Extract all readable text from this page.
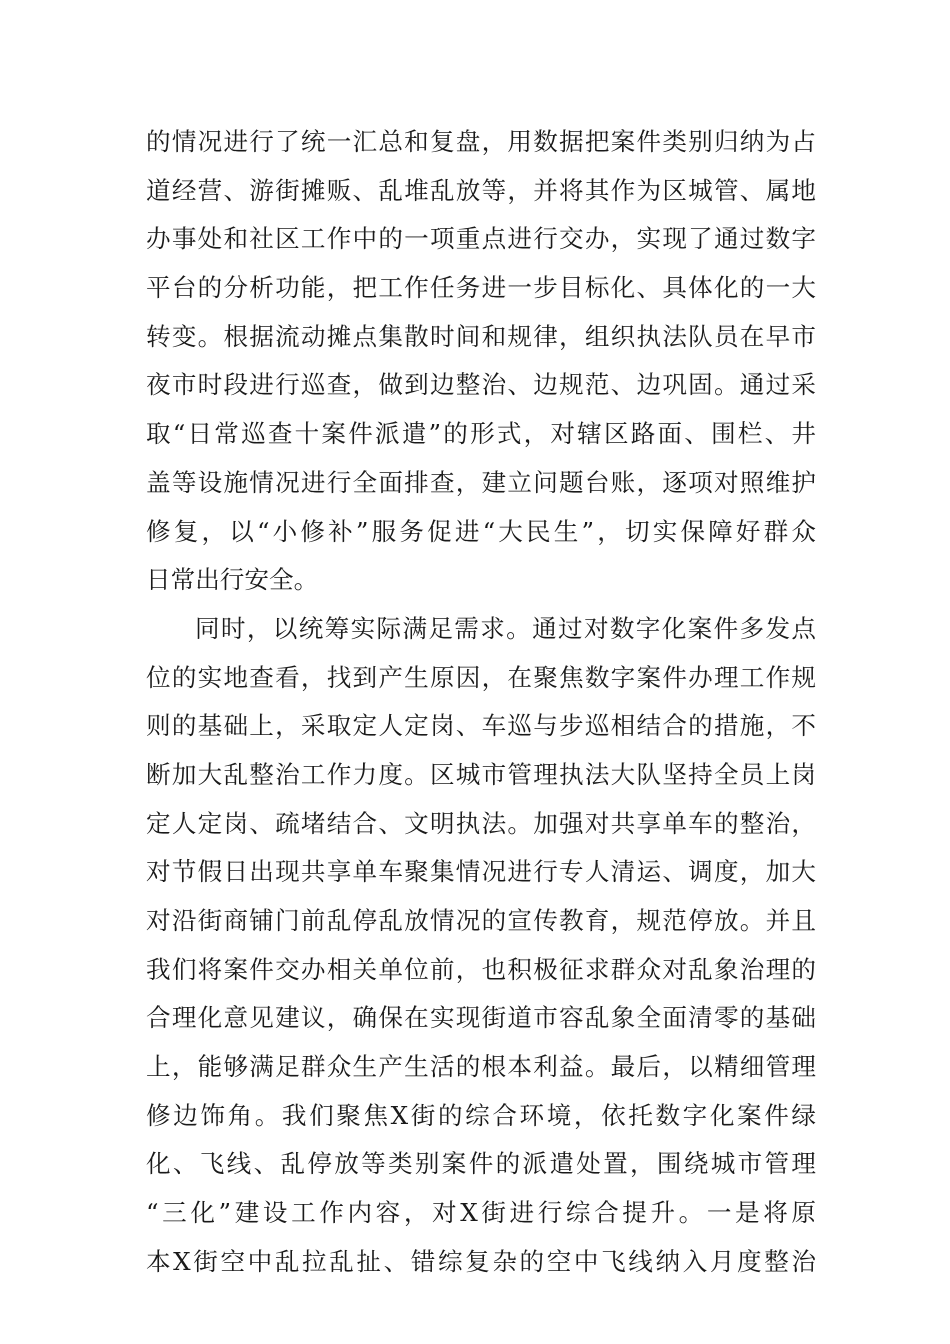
的情况进行了统一汇总和复盘，用数据把案件类别归纳为占
道经营、游街摊贩、乱堆乱放等，并将其作为区城管、属地
办事处和社区工作中的一项重点进行交办，实现了通过数字
平台的分析功能，把工作任务进一步目标化、具体化的一大
转变。根据流动摊点集散时间和规律，组织执法队员在早市
夜市时段进行巡查，做到边整治、边规范、边巩固。通过采
取“日常巡查十案件派遣”的形式，对辖区路面、围栏、井
盖等设施情况进行全面排查，建立问题台账，逐项对照维护
修复，以“小修补”服务促进“大民生”，切实保障好群众
日常出行安全。
同时，以统筹实际满足需求。通过对数字化案件多发点
位的实地查看，找到产生原因，在聚焦数字案件办理工作规
则的基础上，采取定人定岗、车巡与步巡相结合的措施，不
断加大乱整治工作力度。区城市管理执法大队坚持全员上岗
定人定岗、疏堵结合、文明执法。加强对共享单车的整治，
对节假日出现共享单车聚集情况进行专人清运、调度，加大
对沿街商铺门前乱停乱放情况的宣传教育，规范停放。并且
我们将案件交办相关单位前，也积极征求群众对乱象治理的
合理化意见建议，确保在实现街道市容乱象全面清零的基础
上，能够满足群众生产生活的根本利益。最后，以精细管理
修边饰角。我们聚焦X街的综合环境，依托数字化案件绿
化、飞线、乱停放等类别案件的派遣处置，围绕城市管理
“三化”建设工作内容，对X街进行综合提升。一是将原
本X街空中乱拉乱扯、错综复杂的空中飞线纳入月度整治
